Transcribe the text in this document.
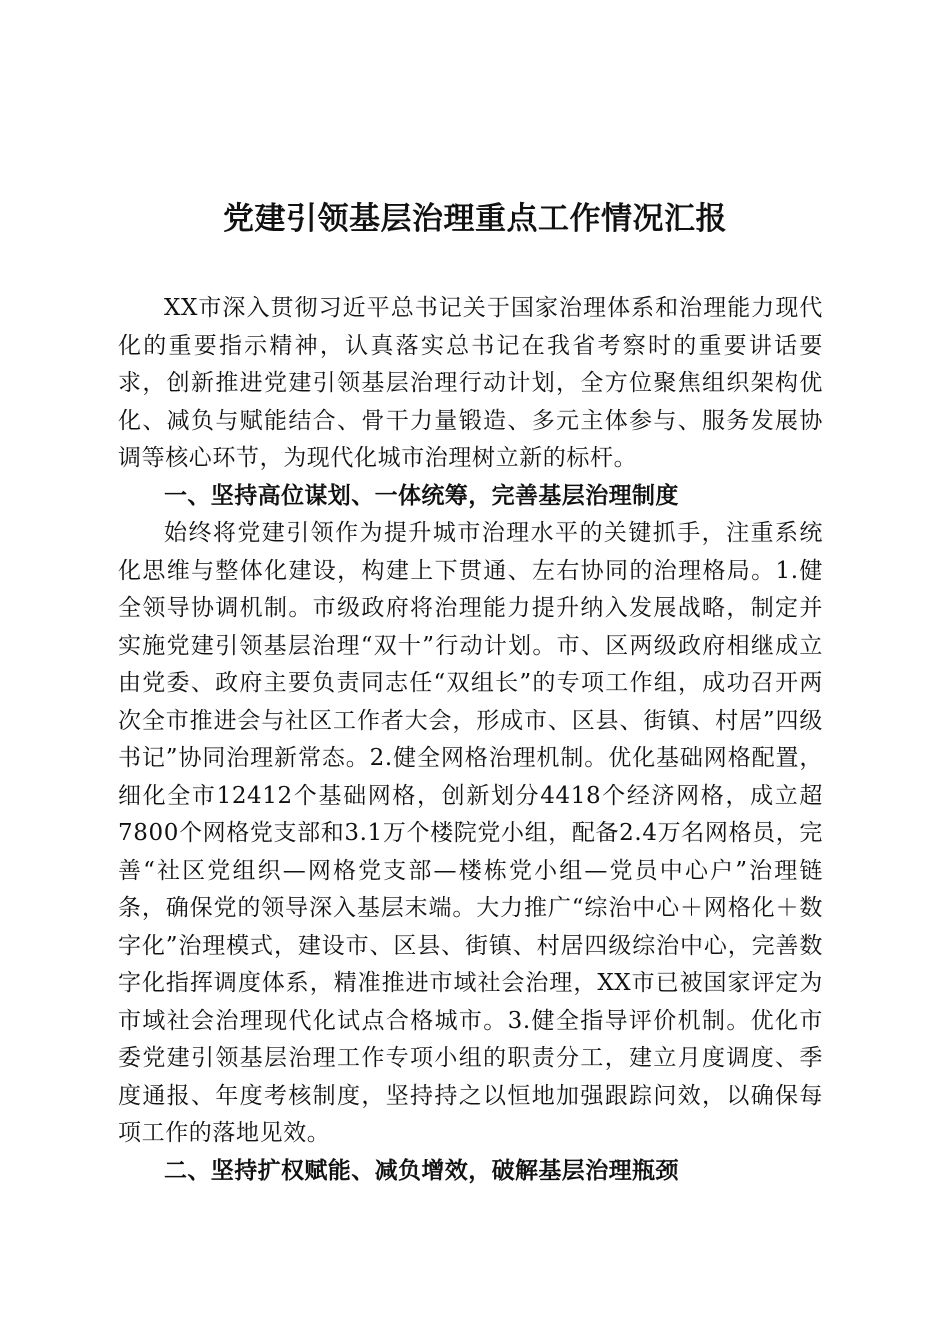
党建引领基层治理重点工作情况汇报

XX市深入贯彻习近平总书记关于国家治理体系和治理能力现代化的重要指示精神，认真落实总书记在我省考察时的重要讲话要求，创新推进党建引领基层治理行动计划，全方位聚焦组织架构优化、减负与赋能结合、骨干力量锻造、多元主体参与、服务发展协调等核心环节，为现代化城市治理树立新的标杆。

一、坚持高位谋划、一体统筹，完善基层治理制度

始终将党建引领作为提升城市治理水平的关键抓手，注重系统化思维与整体化建设，构建上下贯通、左右协同的治理格局。1.健全领导协调机制。市级政府将治理能力提升纳入发展战略，制定并实施党建引领基层治理“双十”行动计划。市、区两级政府相继成立由党委、政府主要负责同志任“双组长”的专项工作组，成功召开两次全市推进会与社区工作者大会，形成市、区县、街镇、村居”四级书记”协同治理新常态。2.健全网格治理机制。优化基础网格配置，细化全市12412个基础网格，创新划分4418个经济网格，成立超7800个网格党支部和3.1万个楼院党小组，配备2.4万名网格员，完善“社区党组织—网格党支部—楼栋党小组—党员中心户”治理链条，确保党的领导深入基层末端。大力推广“综治中心＋网格化＋数字化”治理模式，建设市、区县、街镇、村居四级综治中心，完善数字化指挥调度体系，精准推进市域社会治理，XX市已被国家评定为市域社会治理现代化试点合格城市。3.健全指导评价机制。优化市委党建引领基层治理工作专项小组的职责分工，建立月度调度、季度通报、年度考核制度，坚持持之以恒地加强跟踪问效，以确保每项工作的落地见效。

二、坚持扩权赋能、减负增效，破解基层治理瓶颈
